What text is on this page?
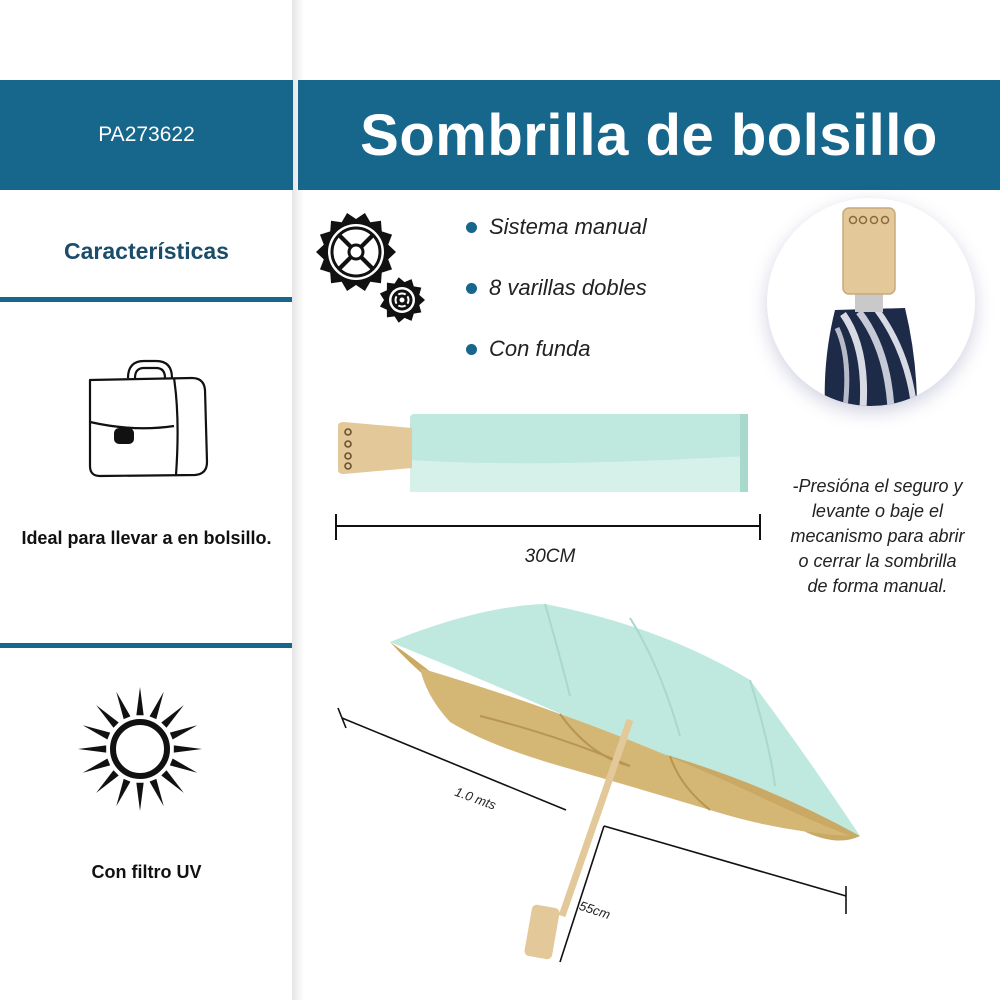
PA273622	Sombrilla de bolsillo
Características
Ideal para llevar a en bolsillo.
Con filtro UV
Sistema manual
8 varillas dobles
Con funda
30CM
-Presióna el seguro y levante o baje el mecanismo para abrir o cerrar la sombrilla de forma manual.
1.0 mts
55cm
